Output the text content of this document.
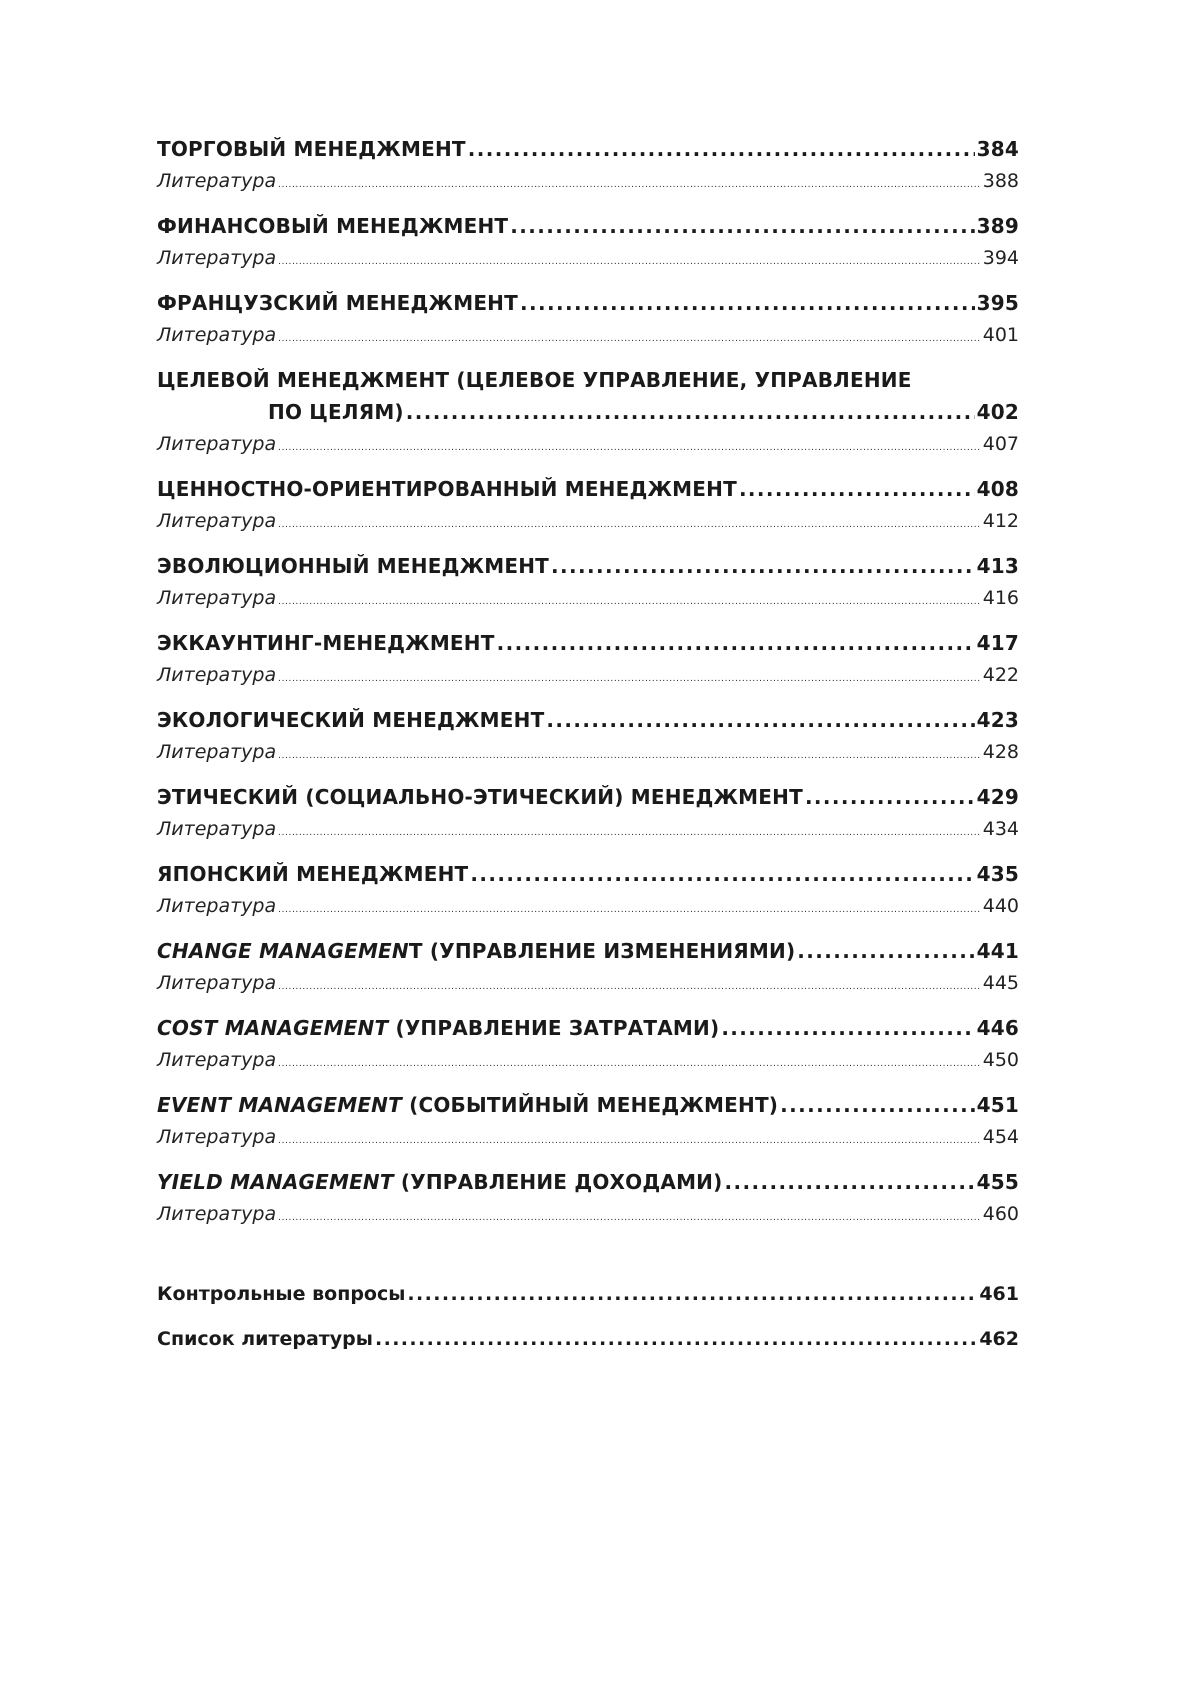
ТОРГОВЫЙ МЕНЕДЖМЕНТ .....	384
Литература .....	388
ФИНАНСОВЫЙ МЕНЕДЖМЕНТ .....	389
Литература .....	394
ФРАНЦУЗСКИЙ МЕНЕДЖМЕНТ .....	395
Литература .....	401
ЦЕЛЕВОЙ МЕНЕДЖМЕНТ (ЦЕЛЕВОЕ УПРАВЛЕНИЕ, УПРАВЛЕНИЕ
ПО ЦЕЛЯМ) .....	402
Литература .....	407
ЦЕННОСТНО-ОРИЕНТИРОВАННЫЙ МЕНЕДЖМЕНТ .....	408
Литература .....	412
ЭВОЛЮЦИОННЫЙ МЕНЕДЖМЕНТ .....	413
Литература .....	416
ЭККАУНТИНГ-МЕНЕДЖМЕНТ .....	417
Литература .....	422
ЭКОЛОГИЧЕСКИЙ МЕНЕДЖМЕНТ .....	423
Литература .....	428
ЭТИЧЕСКИЙ (СОЦИАЛЬНО-ЭТИЧЕСКИЙ) МЕНЕДЖМЕНТ .....	429
Литература .....	434
ЯПОНСКИЙ МЕНЕДЖМЕНТ .....	435
Литература .....	440
CHANGE MANAGEMENT (УПРАВЛЕНИЕ ИЗМЕНЕНИЯМИ) .....	441
Литература .....	445
COST MANAGEMENT (УПРАВЛЕНИЕ ЗАТРАТАМИ) .....	446
Литература .....	450
EVENT MANAGEMENT (СОБЫТИЙНЫЙ МЕНЕДЖМЕНТ) .....	451
Литература .....	454
YIELD MANAGEMENT (УПРАВЛЕНИЕ ДОХОДАМИ) .....	455
Литература .....	460
Контрольные вопросы .....	461
Список литературы .....	462
